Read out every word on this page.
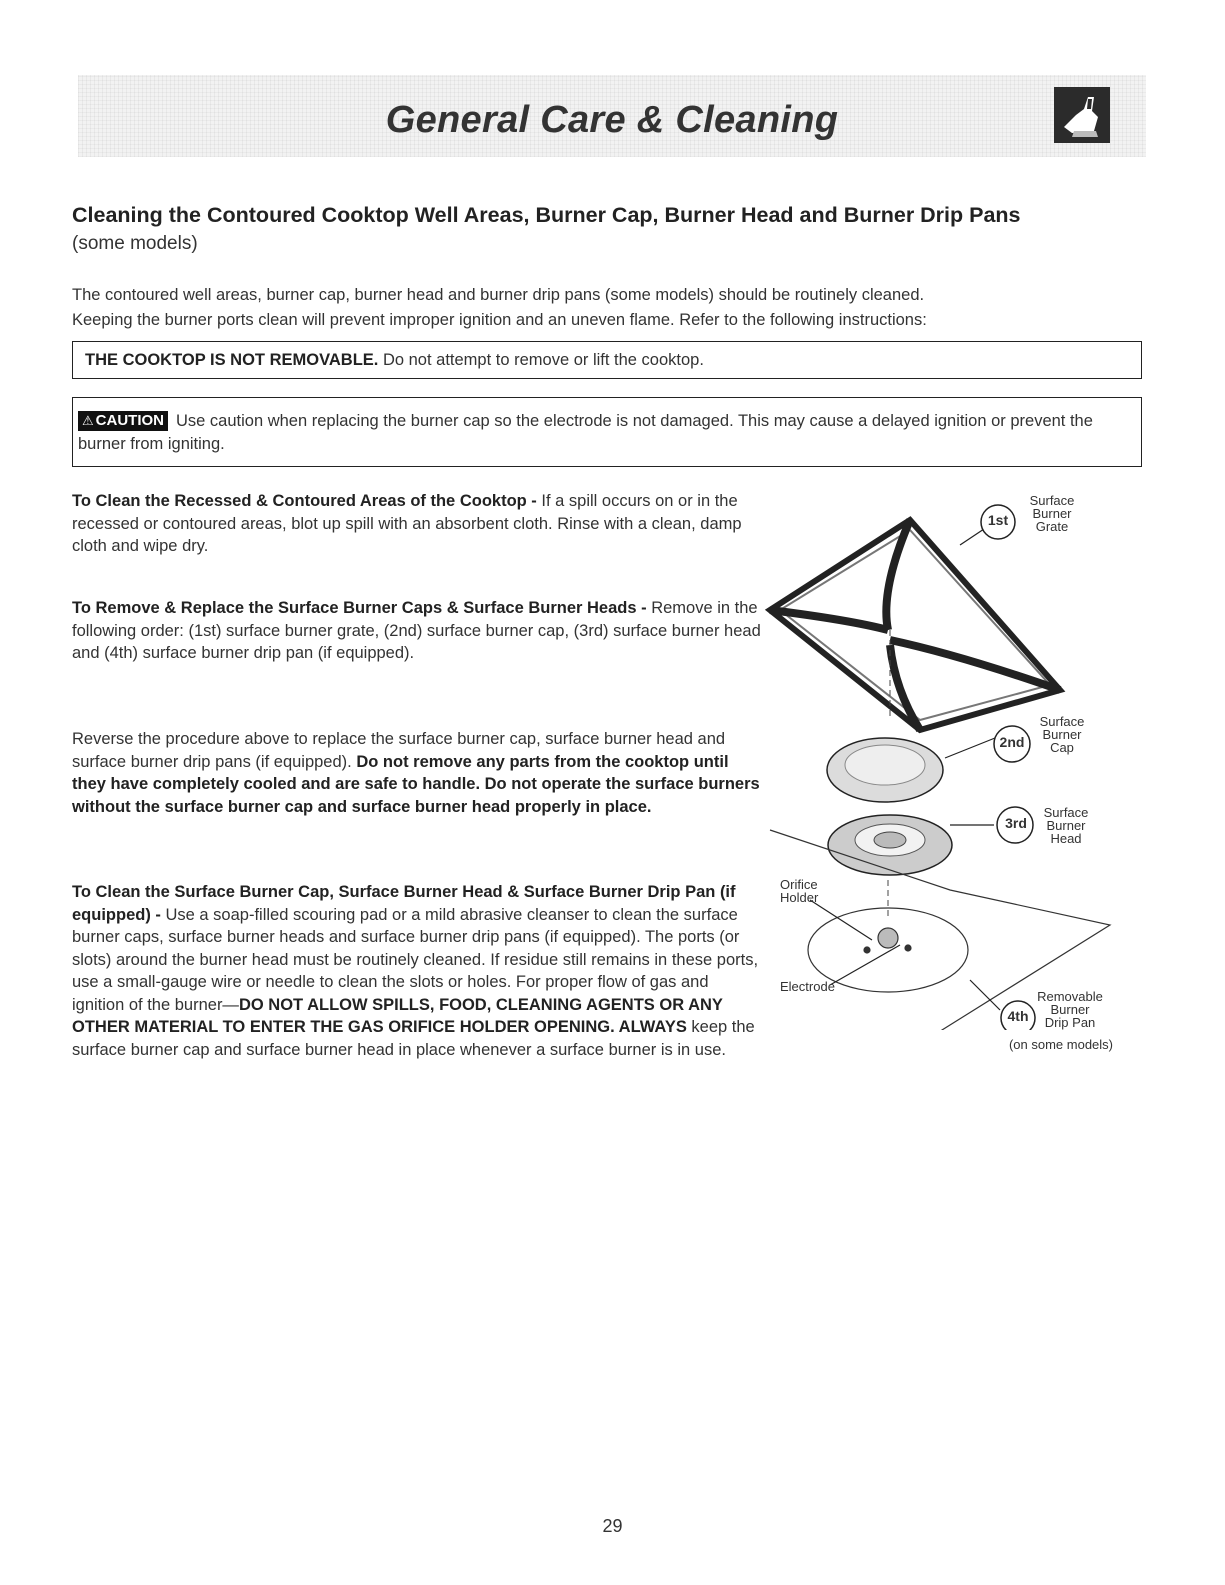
General Care & Cleaning
Cleaning the Contoured Cooktop Well Areas, Burner Cap, Burner Head and Burner Drip Pans
(some models)
The contoured well areas, burner cap, burner head and burner drip pans (some models) should be routinely cleaned.
Keeping the burner ports clean will prevent improper ignition and an uneven flame. Refer to the following instructions:
THE COOKTOP IS NOT REMOVABLE. Do not attempt to remove or lift the cooktop.
⚠ CAUTION Use caution when replacing the burner cap so the electrode is not damaged. This may cause a delayed ignition or prevent the burner from igniting.
To Clean the Recessed & Contoured Areas of the Cooktop - If a spill occurs on or in the recessed or contoured areas, blot up spill with an absorbent cloth. Rinse with a clean, damp cloth and wipe dry.
To Remove & Replace the Surface Burner Caps & Surface Burner Heads - Remove in the following order: (1st) surface burner grate, (2nd) surface burner cap, (3rd) surface burner head and (4th) surface burner drip pan (if equipped).
Reverse the procedure above to replace the surface burner cap, surface burner head and surface burner drip pans (if equipped). Do not remove any parts from the cooktop until they have completely cooled and are safe to handle. Do not operate the surface burners without the surface burner cap and surface burner head properly in place.
To Clean the Surface Burner Cap, Surface Burner Head & Surface Burner Drip Pan (if equipped) - Use a soap-filled scouring pad or a mild abrasive cleanser to clean the surface burner caps, surface burner heads and surface burner drip pans (if equipped). The ports (or slots) around the burner head must be routinely cleaned. If residue still remains in these ports, use a small-gauge wire or needle to clean the slots or holes. For proper flow of gas and ignition of the burner—DO NOT ALLOW SPILLS, FOOD, CLEANING AGENTS OR ANY OTHER MATERIAL TO ENTER THE GAS ORIFICE HOLDER OPENING. ALWAYS keep the surface burner cap and surface burner head in place whenever a surface burner is in use.
1st
Surface
Burner
Grate
2nd
Surface
Burner
Cap
3rd
Surface
Burner
Head
Orifice
Holder
Electrode
4th
Removable
Burner
Drip Pan
(on some models)
29
